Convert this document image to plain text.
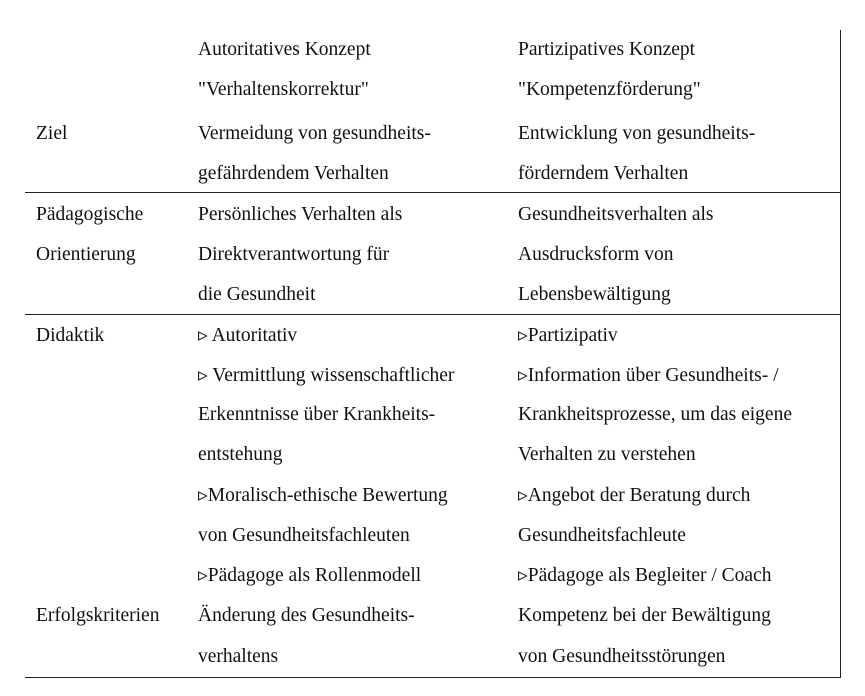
Autoritatives Konzept
"Verhaltenskorrektur"
Partizipatives Konzept
"Kompetenzförderung"
Ziel	Vermeidung von gesundheits-
gefährdendem Verhalten
Entwicklung von gesundheits-
förderndem Verhalten
Pädagogische
Orientierung
Persönliches Verhalten als
Direktverantwortung für
die Gesundheit
Gesundheitsverhalten als
Ausdrucksform von
Lebensbewältigung
Didaktik	▹ Autoritativ
▹ Vermittlung wissenschaftlicher
Erkenntnisse über Krankheits-
entstehung
▹Moralisch-ethische Bewertung
von Gesundheitsfachleuten
▹Pädagoge als Rollenmodell
▹Partizipativ
▹Information über Gesundheits- /
Krankheitsprozesse, um das eigene
Verhalten zu verstehen
▹Angebot der Beratung durch
Gesundheitsfachleute
▹Pädagoge als Begleiter / Coach
Erfolgskriterien Änderung des Gesundheits-
verhaltens
Kompetenz bei der Bewältigung
von Gesundheitsstörungen
